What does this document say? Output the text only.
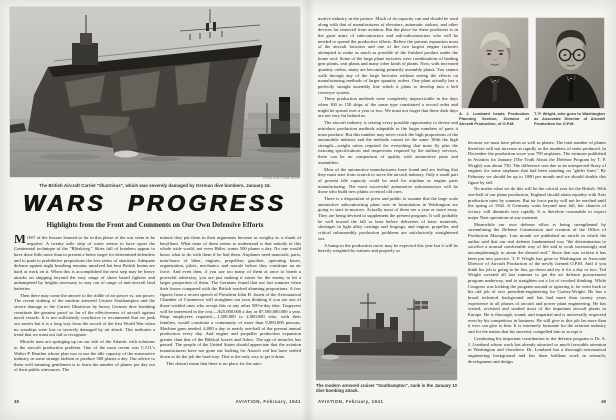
Photo from Wide World
The British Aircraft Carrier "Illustrious", which was severely damaged by German dive bombers, January 16.
WARS PROGRESS
Highlights from the Front and Comments on Our Own Defensive Efforts

MOST of the lessons learned so far in this phase of the war seem to be negative. A twenty mile strip of water seems to have upset the Continental technique of the "Blitzkrieg." Skies full of bombers appear to have done little more than to present a better target for determined defenders and to push to prohibitive proportions the loss ratios of attackers. Adequate defense against night bombing remains unsolved but best British brains are hard at work on it. When this is accomplished the next step may be heavy attacks on shipping beyond the easy range of shore based fighters and unhampered by heights necessary to stay out of range of anti-aircraft land batteries.

Then there may come the answer to the riddle of air power vs. sea power. The recent sinking of the modern armored Cruiser Southampton and the severe damage to the Carrier Illustrious by heavy German dive bombing constitute the greatest proof so far of the effectiveness of aircraft against naval vessels. It is not sufficiently conclusive to recommend that we junk our navies but it is a long way from the record of the first World War when no warships were lost or severely damaged by air attack. This indicates a trend that we must not fail to recognize.

Miracle men are springing up on our side of the Atlantic with solutions to the aircraft production problem. One of the most recent was C.I.O.'s Walter P. Reuther whose plan was to use the idle capacity of the automotive industry in some strange fashion to produce 500 planes a day. Our advice to these well meaning gentlemen is to learn the number of planes per day out of their public utterances. The

minute they put them in their arguments become as weighty as a chunk of beryllium. What none of them seems to understand is that nobody in this whole wide world, not even Hitler, wants 500 planes a day. No one would know what to do with them if he had them. Airplanes need materials, parts, man-hours of labor, engines, propellers, gasoline, operating bases, organization, pilots, mechanics and morale before they constitute an air force. And even then, if you use too many of them at once to bomb a powerful adversary, you are just making it easier for the enemy to hit a larger proportion of them. The Germans found that out last summer when their losses compared with the British reached alarming proportions. A few figures from a recent speech of President John H. Jouett of the Aeronautical Chamber of Commerce will straighten out your thinking if you are one of those wishful ones who accept this or any other 500-a-day idea. Taxpayers will be interested in the cost,—$25,000,000 a day or $7,500,000,000 a year. Shop employees required,—1,500,000 to 2,000,000 who, with their families, would constitute a community of more than 9,000,000 persons. Machine guns needed, 4,000 a day or nearly one-half of the present annual production every day. And engine and propeller production expansion greater than that of the Biblical loaves and fishes. The age of miracles has passed. The people of the United States should appreciate that the aviation manufacturers have not gone out looking for Aaron's rod but have settled down to do the job the hard way. That is the only way to get it done.

This doesn't mean that there is no place for the auto-

48	AVIATION, February, 1941

motive industry in the picture. Much of its capacity can and should be used along with that of manufacturers of elevators, automatic stokers, and other devices far removed from aviation. But the place for these producers is in the great army of subcontractors and sub-subcontractors who will be needed to spread the productive efforts. Before the present expansion most of the aircraft factories and one of the two largest engine factories attempted to make as much as possible of the finished product under the home roof. Some of the large plane factories were combinations of landing gear plants, seat plants and many other kinds of plants. Now, with increased quantity orders, many are becoming primarily assembly plants. You cannot walk through any of the large factories without seeing the effects on manufacturing methods of larger quantity orders. One plant actually has a perfectly straight assembly line which it plans to develop into a belt conveyor system.

These production methods were completely impracticable in the days when 100 to 150 ships of the same type constituted a record order and might be spread over a year or two. We must not forget that these dark days are not very far behind us.

The aircraft industry is seizing every possible opportunity to devise and introduce production methods adaptable to the larger numbers of parts it must produce. But this number may never reach the high proportions of the automobile industry and the methods cannot be the same. With the high strength—weight ratios required for everything that must fly plus the exacting specifications and inspections required by the military services, there can be no comparison of quality with automotive parts and assemblies.

Most of the automotive manufacturers have found and are feeling that they must start from scratch to serve the aircraft industry. Only a small part of present idle capacity could be used for airplane or engine parts manufacturing. The most successful automotive subcontractors will be those who build new plants or retool old ones.

There is a disposition of press and public to assume that the large scale automotive subcontracting plans now in formulation in Washington are going to start to-morrow. Actually most of them are a year or more away. They are being devised to supplement the present program. It will probably be well toward the fall or later before deliveries of basic materials, shortages in light alloy castings and forgings, and engine, propeller, and critical subassembly production problems are satisfactorily straightened out.

A bump in the production curve may be expected this year but it will be heavily weighted by trainers and properly so

A. J. Lombard heads Production Planning Section, Division of Aircraft Production, of O.P.M.
T. P. Wright, who goes to Washington as Associate Director of Aircraft Production for O.P.M.

because we must have pilots as well as planes. The total number of planes therefore will not increase as rapidly as the numbers of units produced. In December the production score was 799 airplanes. The estimate published in Aviation for January (The Truth About the Defense Program by T. P. Wright) was about 750. The difference was due to an unexpected flurry of engines for some airplanes that had been standing on "glider lines". By February we should be up to 1000 per month and we should double this figure by fall.

No matter what we do this will be the critical year for the British. With one-half of our plane production, England should attain equality with Axis production rates by summer. But air force parity will not be reached until the spring of 1942. If Germany waits beyond next fall, her chances of victory will diminish very rapidly. It is therefore reasonable to expect major Nazi operations at any moment.

Meanwhile our own defense effort is being strengthened by streamlining the Defense Commission and creation of the Office of Production Manager. Last month we published an article in which the author said that our real defense fundamental was "the determination to sacrifice a normal comfortable way of life and to work increasingly and uncomplainingly to attain the desired end." Since that was written it has been put into practice. T. P. Wright has gone to Washington as Associate Director of Aircraft Production of the newly formed O.P.M. And if you think his job is going to be fun, go down and try it for a day or two. Ted Wright sweated all last summer to get the air defense procurement program underway, and to straighten out a lot of crooked thinking. While Congress was kicking the program around or ignoring it, he went back to his old job of vice president-engineering for Curtiss-Wright. He has a broad technical background and has had more than twenty years experience in all phases of aircraft and power plant engineering. He has visited, revisited and studied most of the important aircraft plants in Europe. He is thorough, sound, and impartial and is universally respected even by his competitors in business. He will give to this job far more than it ever can give to him. It is extremely fortunate for the aviation industry and for the nation that his sincerity compelled him to accept it.

Continuing his important contribution to the defense program is Dr. A. J. Lombard whose work has already attracted so much favorable attention in Washington and elsewhere. Dr. Lombard has a thorough aeronautical engineering background and has done brilliant work in research, development and design.

The modern armored cruiser "Southampton", sunk in the January 10 dive bombing attack.
AVIATION, February, 1941	49
